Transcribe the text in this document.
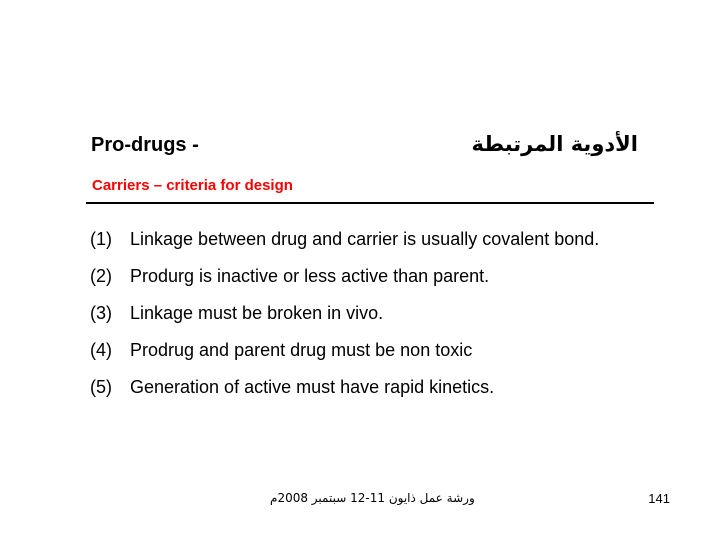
Pro-drugs -	الأدوية المرتبطة
Carriers – criteria for design
(1) Linkage between drug and carrier is usually covalent bond.
(2) Produrg is inactive or less active than parent.
(3) Linkage must be broken in vivo.
(4) Prodrug and parent drug must be non toxic
(5) Generation of active must have rapid kinetics.
ورشة عمل ذايون 11-12 سبتمبر 2008م	141
